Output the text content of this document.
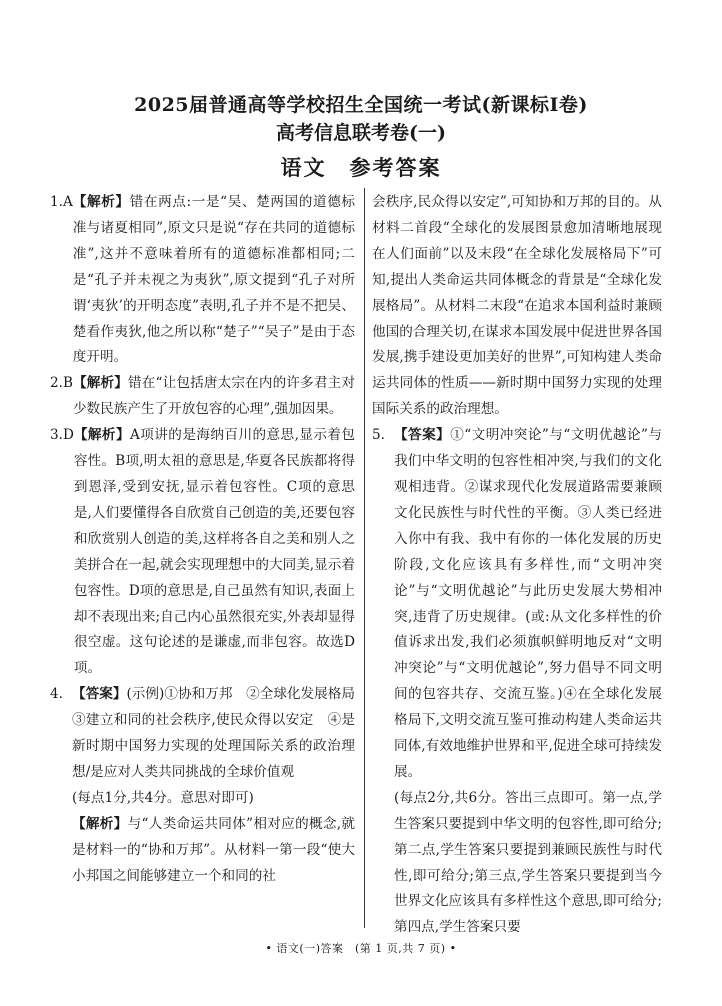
2025届普通高等学校招生全国统一考试(新课标Ⅰ卷)
高考信息联考卷(一)
语文　参考答案
1.A 【解析】错在两点:一是“吴、楚两国的道德标准与诸夏相同”,原文只是说“存在共同的道德标准”,这并不意味着所有的道德标准都相同;二是“孔子并未视之为夷狄”,原文提到“孔子对所谓‘夷狄’的开明态度”表明,孔子并不是不把吴、楚看作夷狄,他之所以称“楚子”“吴子”是由于态度开明。

2.B 【解析】错在“让包括唐太宗在内的许多君主对少数民族产生了开放包容的心理”,强加因果。

3.D 【解析】A项讲的是海纳百川的意思,显示着包容性。B项,明太祖的意思是,华夏各民族都将得到恩泽,受到安抚,显示着包容性。C项的意思是,人们要懂得各自欣赏自己创造的美,还要包容和欣赏别人创造的美,这样将各自之美和别人之美拼合在一起,就会实现理想中的大同美,显示着包容性。D项的意思是,自己虽然有知识,表面上却不表现出来;自己内心虽然很充实,外表却显得很空虚。这句论述的是谦虚,而非包容。故选D项。

4. 【答案】(示例)①协和万邦　②全球化发展格局　③建立和同的社会秩序,使民众得以安定　④是新时期中国努力实现的处理国际关系的政治理想/是应对人类共同挑战的全球价值观

(每点1分,共4分。意思对即可)

【解析】与“人类命运共同体”相对应的概念,就是材料一的“协和万邦”。从材料一第一段“使大小邦国之间能够建立一个和同的社

会秩序,民众得以安定”,可知协和万邦的目的。从材料二首段“全球化的发展图景愈加清晰地展现在人们面前”以及末段“在全球化发展格局下”可知,提出人类命运共同体概念的背景是“全球化发展格局”。从材料二末段“在追求本国利益时兼顾他国的合理关切,在谋求本国发展中促进世界各国发展,携手建设更加美好的世界”,可知构建人类命运共同体的性质——新时期中国努力实现的处理国际关系的政治理想。

5. 【答案】①“文明冲突论”与“文明优越论”与我们中华文明的包容性相冲突,与我们的文化观相违背。②谋求现代化发展道路需要兼顾文化民族性与时代性的平衡。③人类已经进入你中有我、我中有你的一体化发展的历史阶段,文化应该具有多样性,而“文明冲突论”与“文明优越论”与此历史发展大势相冲突,违背了历史规律。(或:从文化多样性的价值诉求出发,我们必须旗帜鲜明地反对“文明冲突论”与“文明优越论”,努力倡导不同文明间的包容共存、交流互鉴。)④在全球化发展格局下,文明交流互鉴可推动构建人类命运共同体,有效地维护世界和平,促进全球可持续发展。

(每点2分,共6分。答出三点即可。第一点,学生答案只要提到中华文明的包容性,即可给分;第二点,学生答案只要提到兼顾民族性与时代性,即可给分;第三点,学生答案只要提到当今世界文化应该具有多样性这个意思,即可给分;第四点,学生答案只要

• 语文(一)答案　(第 1 页,共 7 页) •
